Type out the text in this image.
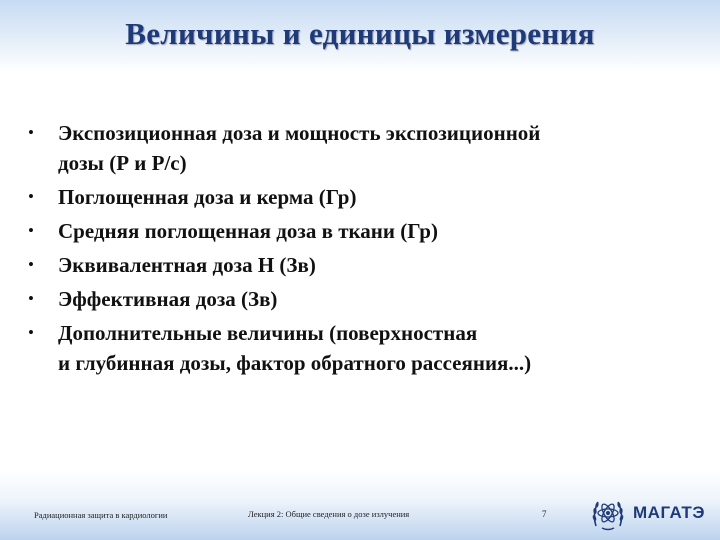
Величины и единицы измерения
• Экспозиционная доза и мощность экспозиционной
дозы (Р и Р/с)
• Поглощенная доза и керма (Гр)
• Средняя поглощенная доза в ткани (Гр)
• Эквивалентная доза Н (Зв)
• Эффективная доза (Зв)
• Дополнительные величины (поверхностная
и глубинная дозы, фактор обратного рассеяния...)
Радиационная защита в кардиологии	Лекция 2: Общие сведения о дозе излучения	7	МАГАТЭ
